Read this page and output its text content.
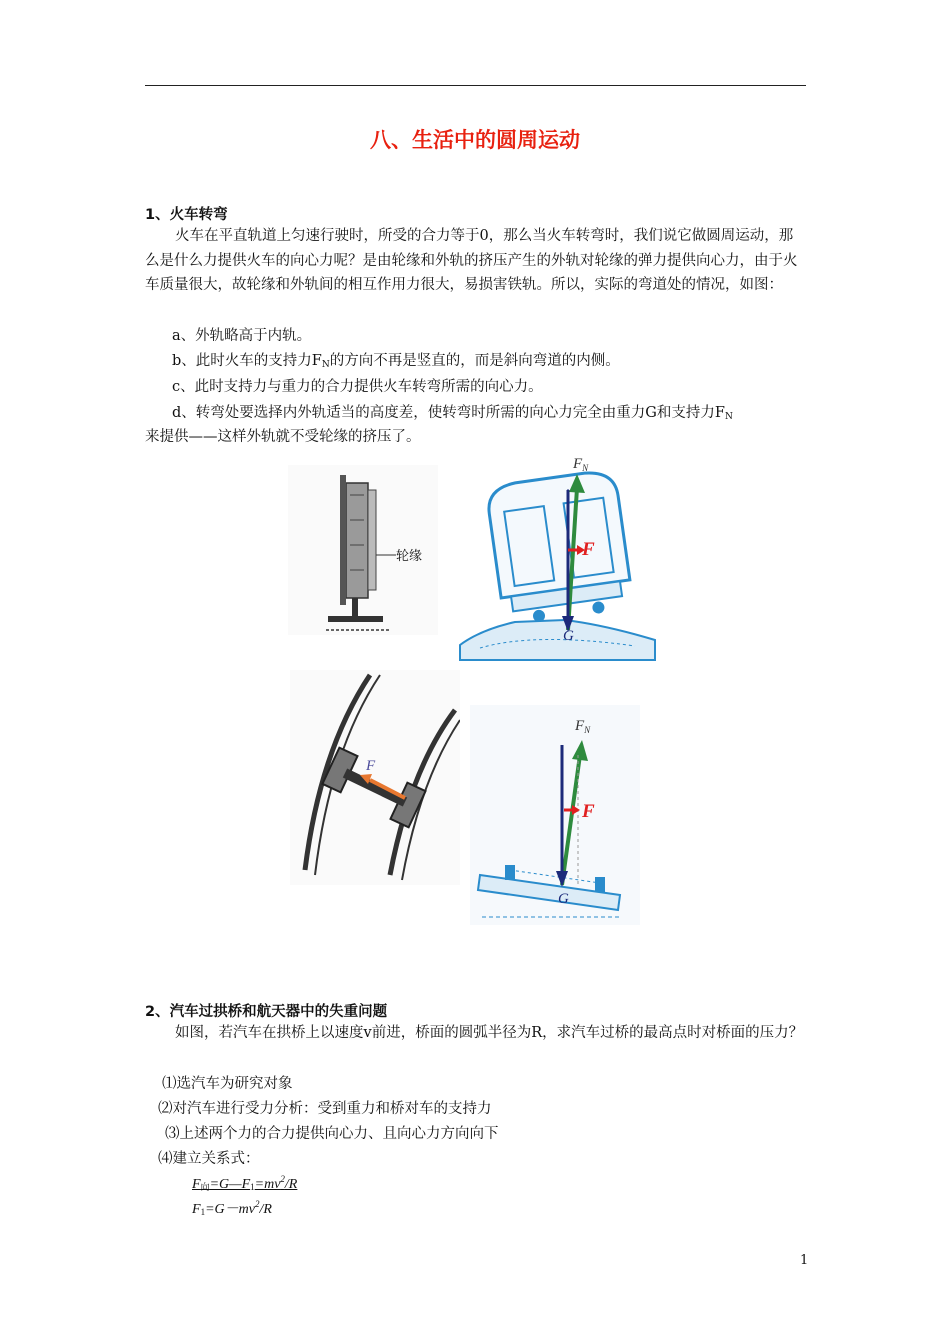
八、生活中的圆周运动
1、火车转弯
火车在平直轨道上匀速行驶时，所受的合力等于0，那么当火车转弯时，我们说它做圆周运动，那么是什么力提供火车的向心力呢？是由轮缘和外轨的挤压产生的外轨对轮缘的弹力提供向心力，由于火车质量很大，故轮缘和外轨间的相互作用力很大，易损害铁轨。所以，实际的弯道处的情况，如图：
a、外轨略高于内轨。
b、此时火车的支持力$F_N$的方向不再是竖直的，而是斜向弯道的内侧。
c、此时支持力与重力的合力提供火车转弯所需的向心力。
d、转弯处要选择内外轨适当的高度差，使转弯时所需的向心力完全由重力G和支持力$F_N$
来提供——这样外轨就不受轮缘的挤压了。
轮缘
$F_N$
F
G
F
$F_N$
F
G
2、汽车过拱桥和航天器中的失重问题
如图，若汽车在拱桥上以速度v前进，桥面的圆弧半径为R，求汽车过桥的最高点时对桥面的压力？
⑴选汽车为研究对象
⑵对汽车进行受力分析：受到重力和桥对车的支持力
⑶上述两个力的合力提供向心力、且向心力方向向下
⑷建立关系式：
$F_向=G—F_1=mv^2/R$
$F_1=G-mv^2/R$
1
